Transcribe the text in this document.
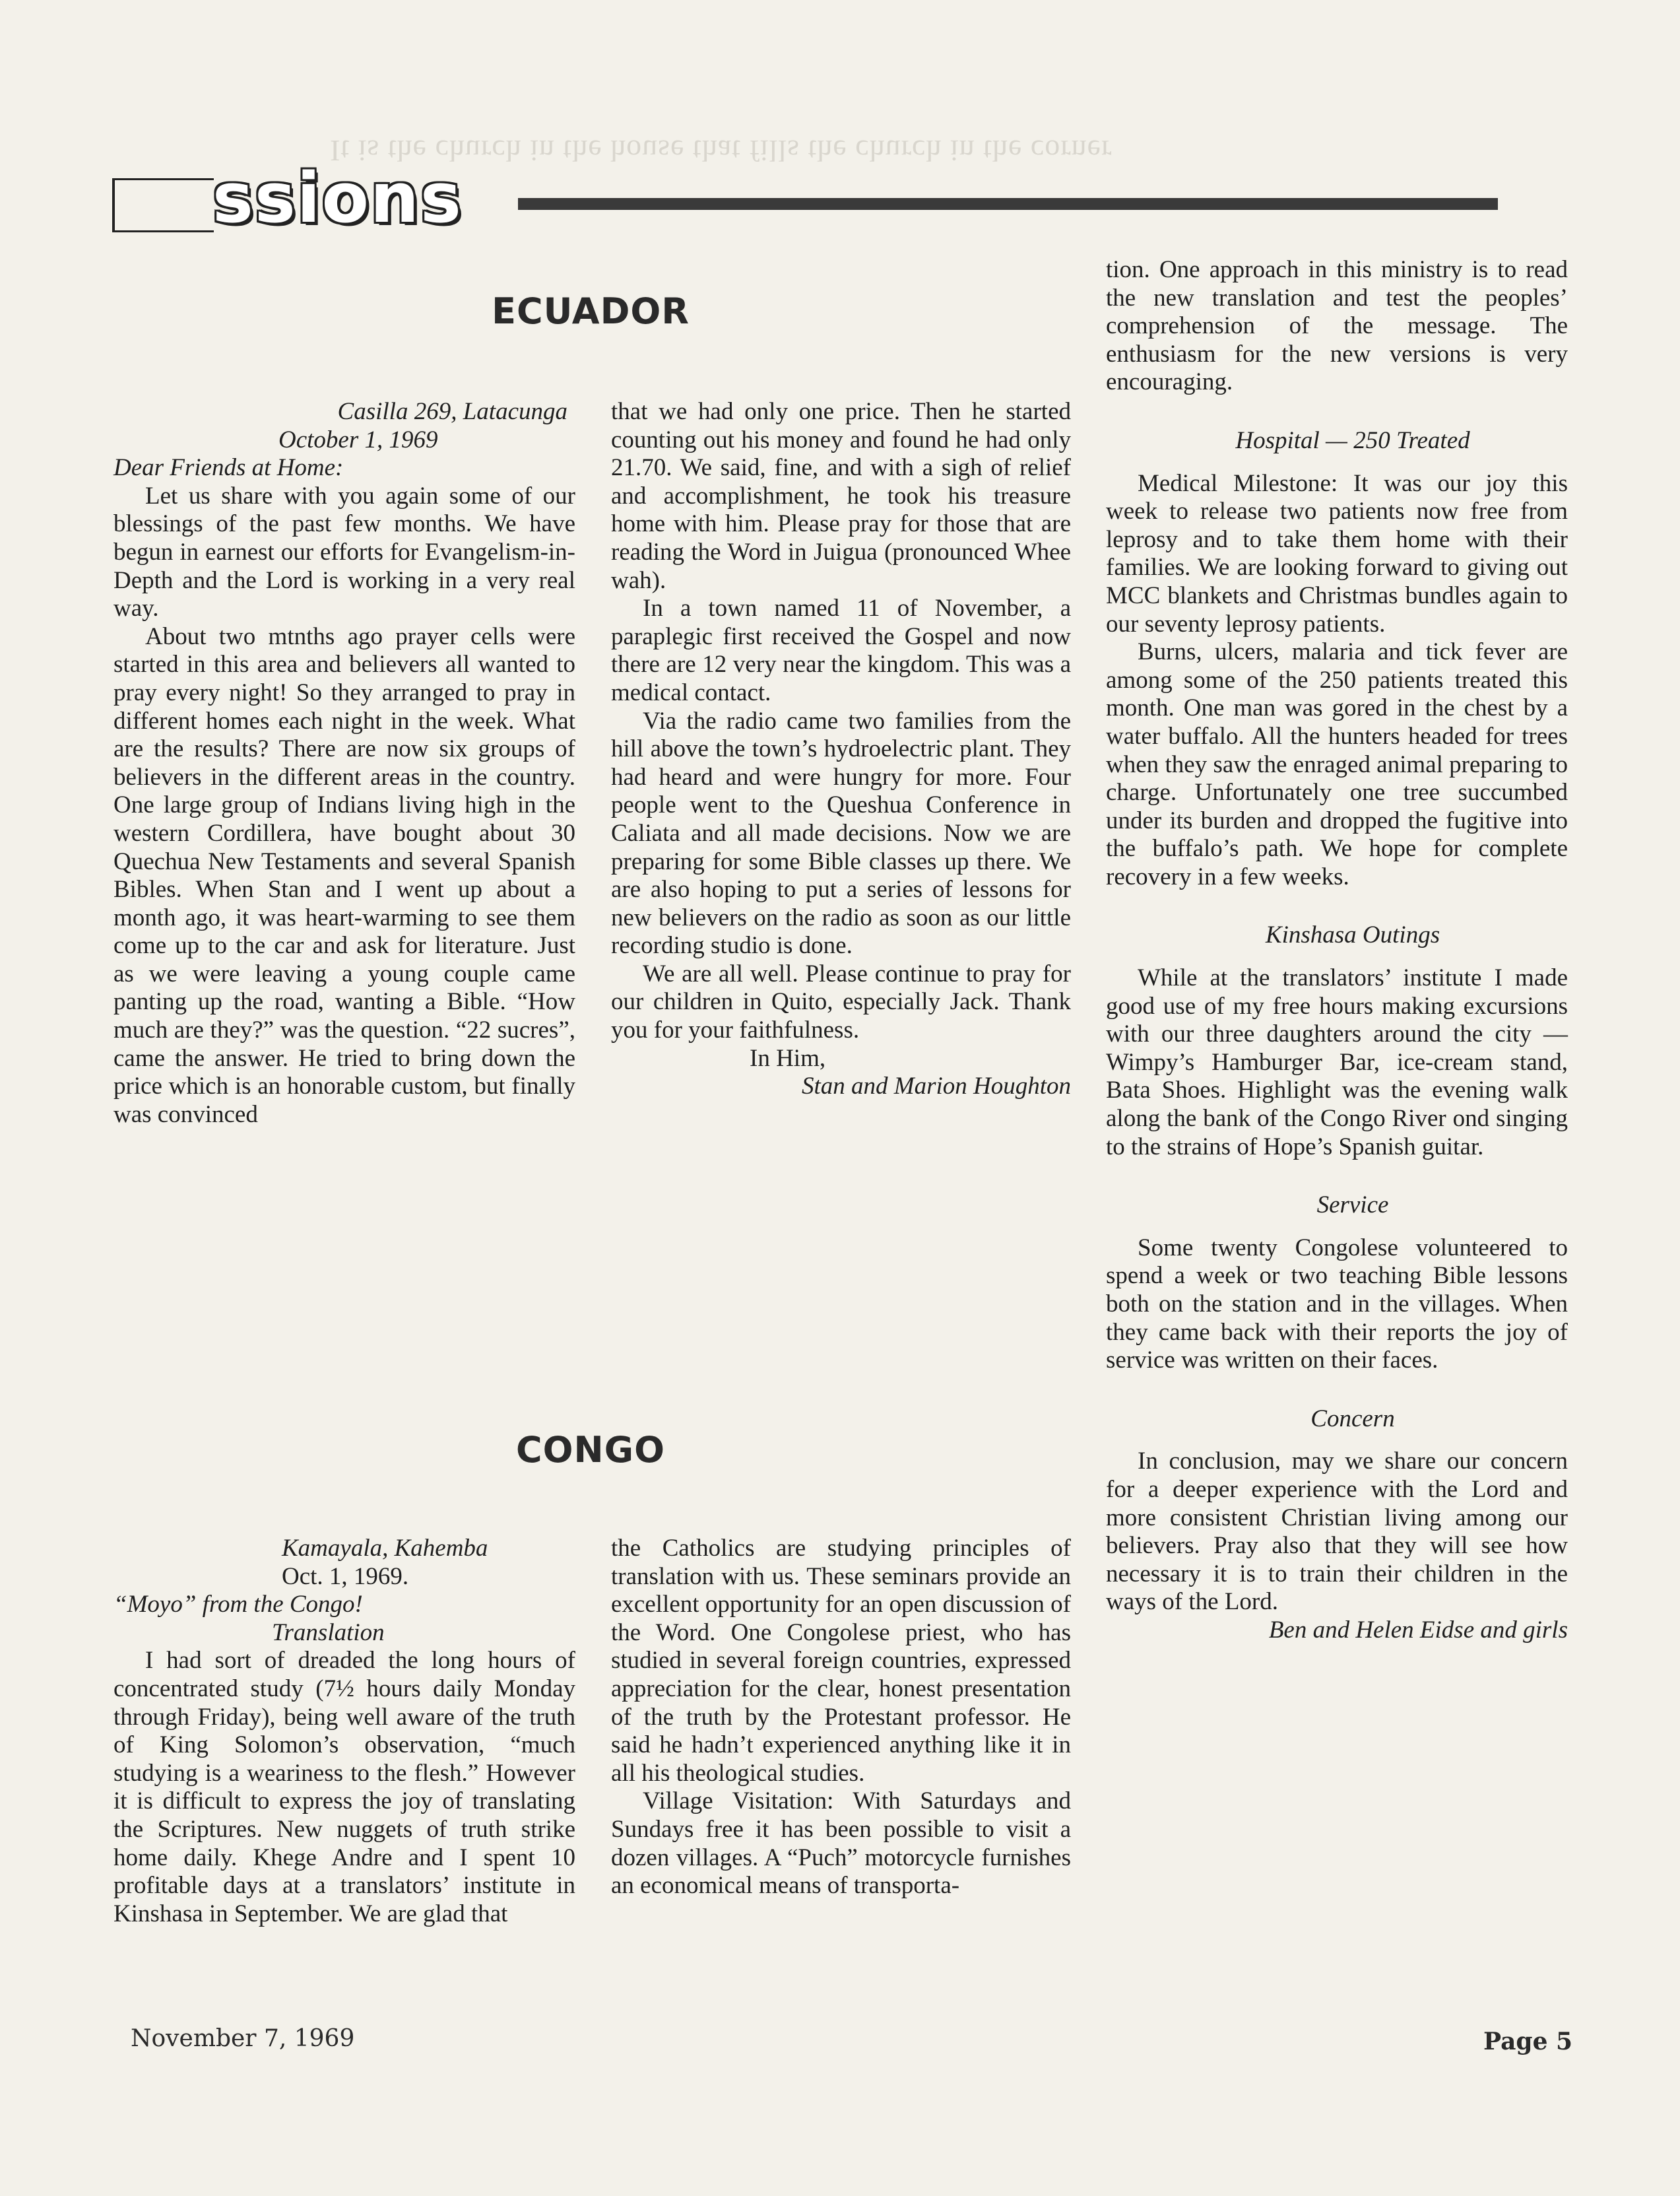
It is the church in the house that fills the church in the corner
ssions
ECUADOR

Casilla 269, Latacunga

October 1, 1969

Dear Friends at Home:

Let us share with you again some of our blessings of the past few months. We have begun in earnest our efforts for Evangelism-in-Depth and the Lord is working in a very real way.

About two mtnths ago prayer cells were started in this area and believers all wanted to pray every night! So they arranged to pray in different homes each night in the week. What are the results? There are now six groups of believers in the different areas in the country. One large group of Indians living high in the western Cordillera, have bought about 30 Quechua New Testaments and several Spanish Bibles. When Stan and I went up about a month ago, it was heart-warming to see them come up to the car and ask for literature. Just as we were leaving a young couple came panting up the road, wanting a Bible. “How much are they?” was the question. “22 sucres”, came the answer. He tried to bring down the price which is an honorable custom, but finally was convinced

that we had only one price. Then he started counting out his money and found he had only 21.70. We said, fine, and with a sigh of relief and accomplishment, he took his treasure home with him. Please pray for those that are reading the Word in Juigua (pronounced Whee wah).

In a town named 11 of November, a paraplegic first received the Gospel and now there are 12 very near the kingdom. This was a medical contact.

Via the radio came two families from the hill above the town’s hydroelectric plant. They had heard and were hungry for more. Four people went to the Queshua Conference in Caliata and all made decisions. Now we are preparing for some Bible classes up there. We are also hoping to put a series of lessons for new believers on the radio as soon as our little recording studio is done.

We are all well. Please continue to pray for our children in Quito, especially Jack. Thank you for your faithfulness.

In Him,

Stan and Marion Houghton

CONGO

Kamayala, Kahemba

Oct. 1, 1969.

“Moyo” from the Congo!

Translation

I had sort of dreaded the long hours of concentrated study (7½ hours daily Monday through Friday), being well aware of the truth of King Solomon’s observation, “much studying is a weariness to the flesh.” However it is difficult to express the joy of translating the Scriptures. New nuggets of truth strike home daily. Khege Andre and I spent 10 profitable days at a translators’ institute in Kinshasa in September. We are glad that

the Catholics are studying principles of translation with us. These seminars provide an excellent opportunity for an open discussion of the Word. One Congolese priest, who has studied in several foreign countries, expressed appreciation for the clear, honest presentation of the truth by the Protestant professor. He said he hadn’t experienced anything like it in all his theological studies.

Village Visitation: With Saturdays and Sundays free it has been possible to visit a dozen villages. A “Puch” motorcycle furnishes an economical means of transporta-

tion. One approach in this ministry is to read the new translation and test the peoples’ comprehension of the message. The enthusiasm for the new versions is very encouraging.

Hospital — 250 Treated

Medical Milestone: It was our joy this week to release two patients now free from leprosy and to take them home with their families. We are looking forward to giving out MCC blankets and Christmas bundles again to our seventy leprosy patients.

Burns, ulcers, malaria and tick fever are among some of the 250 patients treated this month. One man was gored in the chest by a water buffalo. All the hunters headed for trees when they saw the enraged animal preparing to charge. Unfortunately one tree succumbed under its burden and dropped the fugitive into the buffalo’s path. We hope for complete recovery in a few weeks.

Kinshasa Outings

While at the translators’ institute I made good use of my free hours making excursions with our three daughters around the city — Wimpy’s Hamburger Bar, ice-cream stand, Bata Shoes. Highlight was the evening walk along the bank of the Congo River ond singing to the strains of Hope’s Spanish guitar.

Service

Some twenty Congolese volunteered to spend a week or two teaching Bible lessons both on the station and in the villages. When they came back with their reports the joy of service was written on their faces.

Concern

In conclusion, may we share our concern for a deeper experience with the Lord and more consistent Christian living among our believers. Pray also that they will see how necessary it is to train their children in the ways of the Lord.

Ben and Helen Eidse and girls

November 7, 1969	Page 5
